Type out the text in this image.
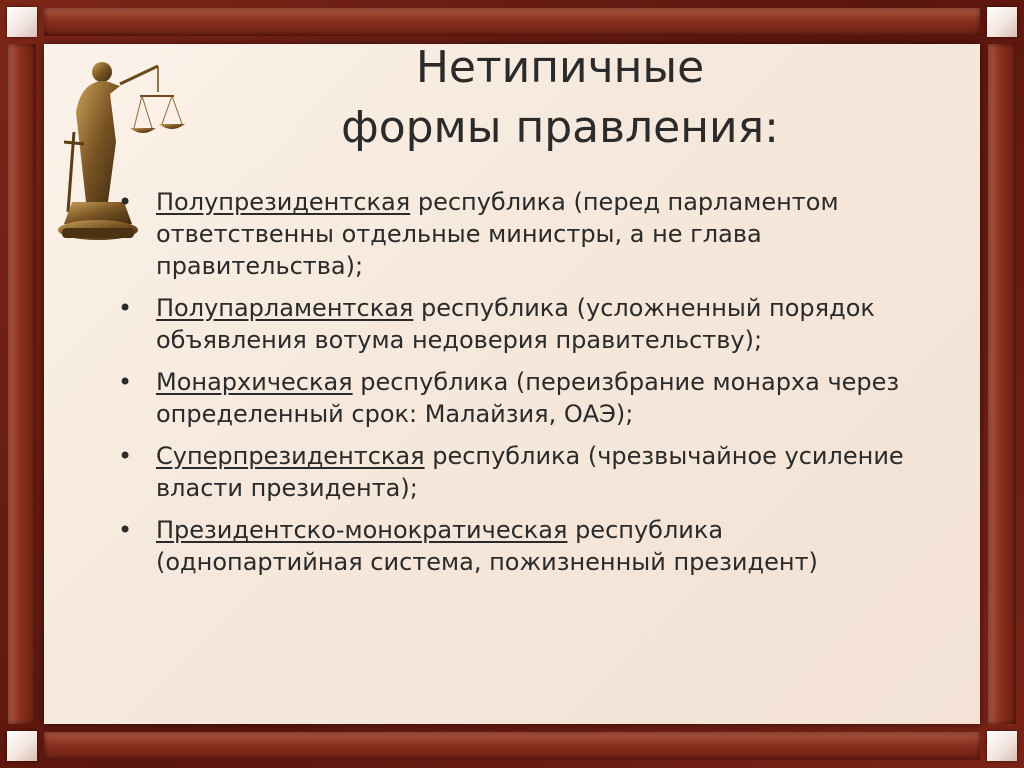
Нетипичные
формы правления:
• Полупрезидентская республика (перед парламентом ответственны отдельные министры, а не глава правительства);
• Полупарламентская республика (усложненный порядок объявления вотума недоверия правительству);
• Монархическая республика (переизбрание монарха через определенный срок: Малайзия, ОАЭ);
• Суперпрезидентская республика (чрезвычайное усиление власти президента);
• Президентско-монократическая республика (однопартийная система, пожизненный президент)
